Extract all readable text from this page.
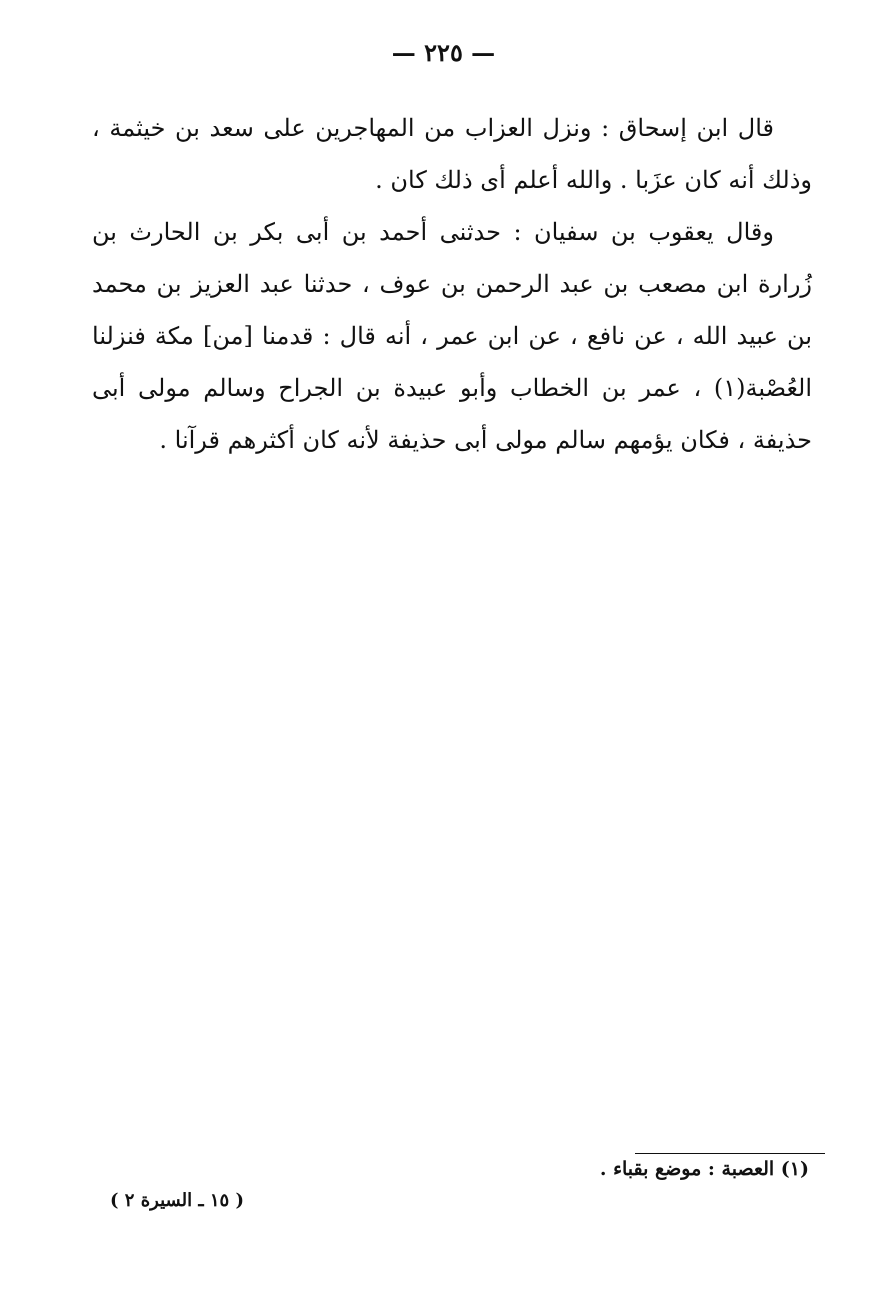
— ٢٢٥ —

قال ابن إسحاق : ونزل العزاب من المهاجرين على سعد بن خيثمة ، وذلك أنه كان عزَبا . والله أعلم أى ذلك كان .

وقال يعقوب بن سفيان : حدثنى أحمد بن أبى بكر بن الحارث بن زُرارة ابن مصعب بن عبد الرحمن بن عوف ، حدثنا عبد العزيز بن محمد بن عبيد الله ، عن نافع ، عن ابن عمر ، أنه قال : قدمنا [من] مكة فنزلنا العُصْبة(١) ، عمر بن الخطاب وأبو عبيدة بن الجراح وسالم مولى أبى حذيفة ، فكان يؤمهم سالم مولى أبى حذيفة لأنه كان أكثرهم قرآنا .

(١) العصبة : موضع بقباء .
( ١٥ ـ السيرة ٢ )
